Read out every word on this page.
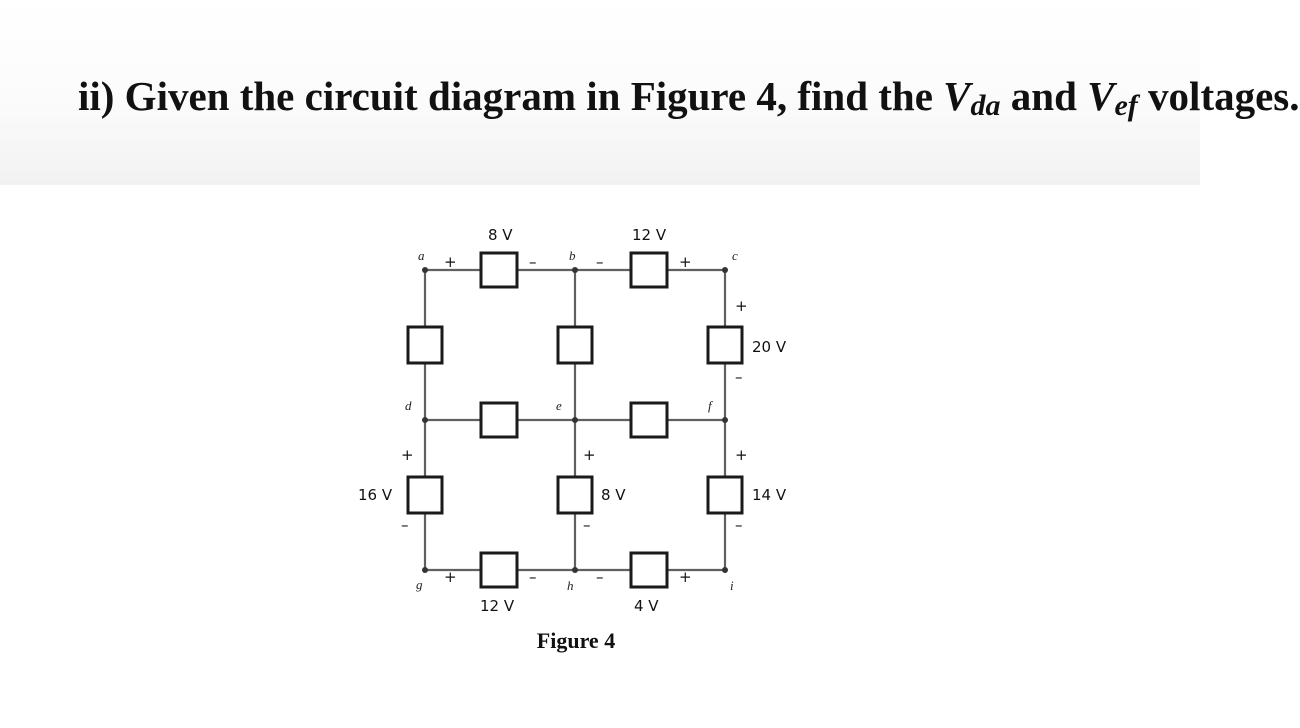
ii) Given the circuit diagram in Figure 4, find the $V_{da}$ and $V_{ef}$ voltages.

a	b	c
d	e	f
g	h	i
8 V	12 V
20 V
16 V	8 V	14 V
12 V	4 V
+	–	–	+
+
–
+
–
+
–
+
–
+	–	–	+
Figure 4
